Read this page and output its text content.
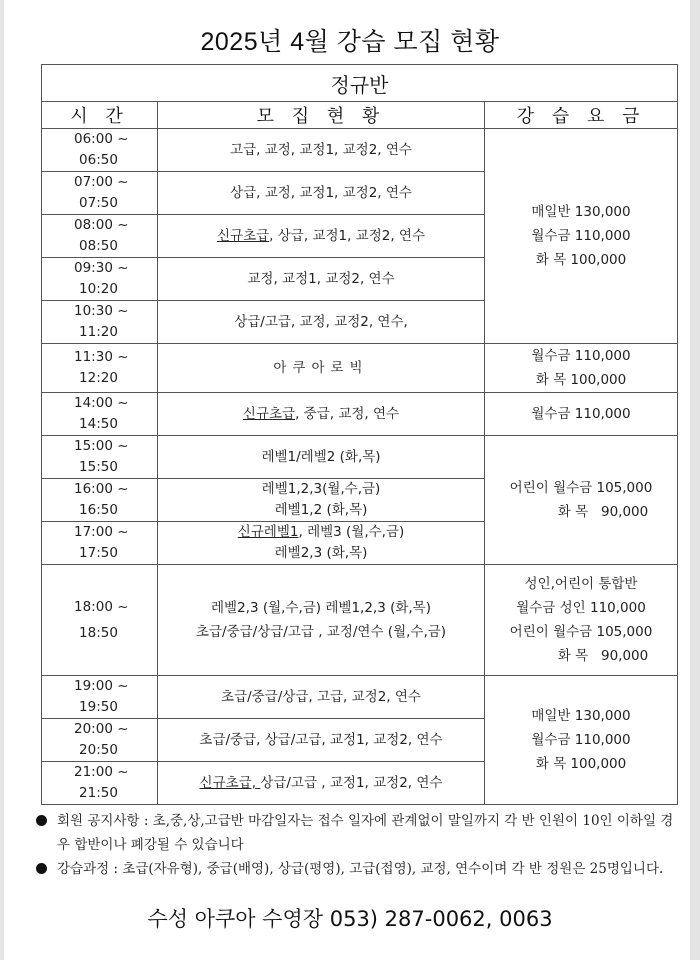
2025년 4월 강습 모집 현황
정규반		
시 간	모 집 현 황	강 습 요 금

06:00 ~
06:50	고급, 교정, 교정1, 교정2, 연수	매일반 130,000
월수금 110,000
화 목 100,000

07:00 ~
07:50	상급, 교정, 교정1, 교정2, 연수	

08:00 ~
08:50	신규초급, 상급, 교정1, 교정2, 연수	

09:30 ~
10:20	교정, 교정1, 교정2, 연수	

10:30 ~
11:20	상급/고급, 교정, 교정2, 연수,	

11:30 ~
12:20	아쿠아로빅	월수금 110,000
화 목 100,000

14:00 ~
14:50	신규초급, 중급, 교정, 연수	월수금 110,000

15:00 ~
15:50	레벨1/레벨2 (화,목)	어린이 월수금 105,000
화 목   90,000

16:00 ~
16:50	레벨1,2,3(월,수,금)
레벨1,2 (화,목)	

17:00 ~
17:50	신규레벨1, 레벨3 (월,수,금)
레벨2,3 (화,목)	

18:00 ~
18:50	레벨2,3 (월,수,금) 레벨1,2,3 (화,목)
초급/중급/상급/고급 , 교정/연수 (월,수,금)	성인,어린이 통합반
월수금 성인 110,000
어린이 월수금 105,000
화 목   90,000

19:00 ~
19:50	초급/중급/상급, 고급, 교정2, 연수	매일반 130,000
월수금 110,000
화 목 100,000

20:00 ~
20:50	초급/중급, 상급/고급, 교정1, 교정2, 연수	

21:00 ~
21:50	신규초급, 상급/고급 , 교정1, 교정2, 연수	
회원 공지사항 : 초,중,상,고급반 마감일자는 접수 일자에 관계없이 말일까지 각 반 인원이 10인 이하일 경우 합반이나 폐강될 수 있습니다
강습과정 : 초급(자유형), 중급(배영), 상급(평영), 고급(접영), 교정, 연수이며 각 반 정원은 25명입니다.
수성 아쿠아 수영장 053) 287-0062, 0063
